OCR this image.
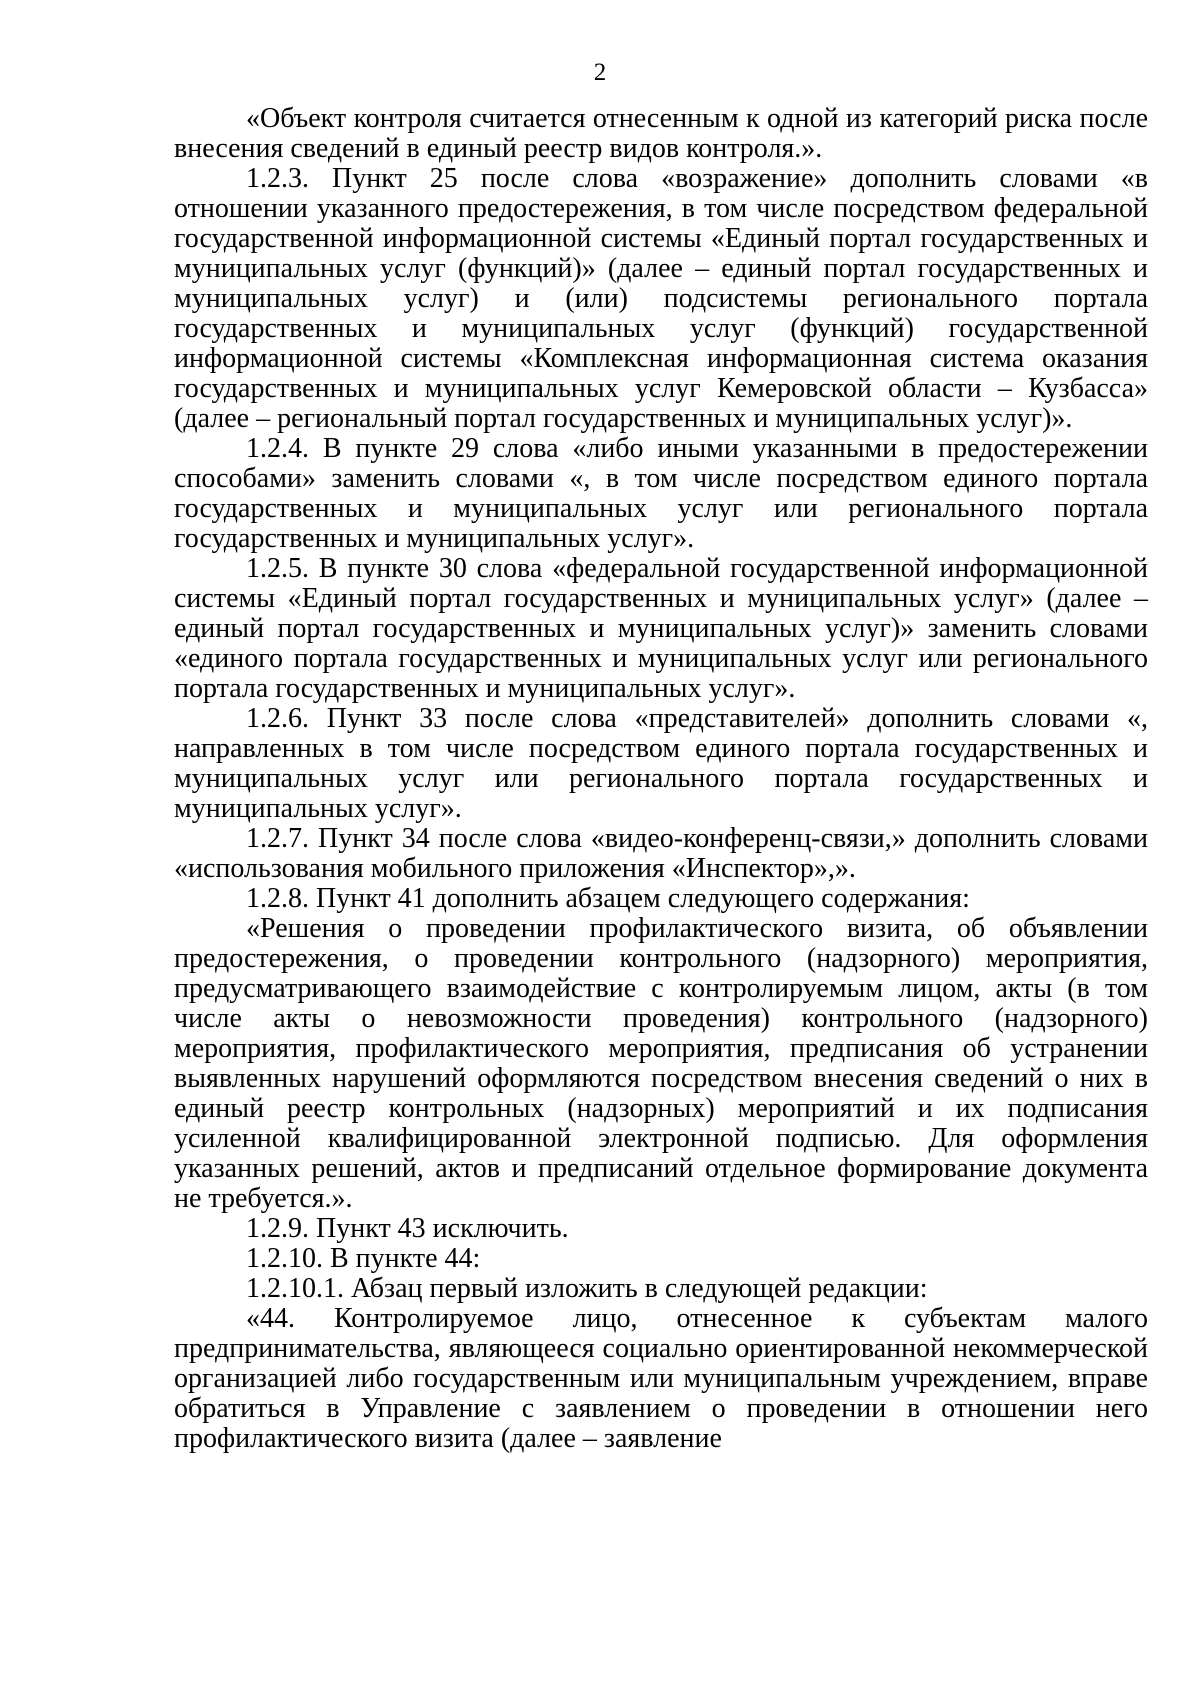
2

«Объект контроля считается отнесенным к одной из категорий риска после внесения сведений в единый реестр видов контроля.».

1.2.3. Пункт 25 после слова «возражение» дополнить словами «в отношении указанного предостережения, в том числе посредством федеральной государственной информационной системы «Единый портал государственных и муниципальных услуг (функций)» (далее – единый портал государственных и муниципальных услуг) и (или) подсистемы регионального портала государственных и муниципальных услуг (функций) государственной информационной системы «Комплексная информационная система оказания государственных и муниципальных услуг Кемеровской области – Кузбасса» (далее – региональный портал государственных и муниципальных услуг)».

1.2.4. В пункте 29 слова «либо иными указанными в предостережении способами» заменить словами «, в том числе посредством единого портала государственных и муниципальных услуг или регионального портала государственных и муниципальных услуг».

1.2.5. В пункте 30 слова «федеральной государственной информационной системы «Единый портал государственных и муниципальных услуг» (далее – единый портал государственных и муниципальных услуг)» заменить словами «единого портала государственных и муниципальных услуг или регионального портала государственных и муниципальных услуг».

1.2.6. Пункт 33 после слова «представителей» дополнить словами «, направленных в том числе посредством единого портала государственных и муниципальных услуг или регионального портала государственных и муниципальных услуг».

1.2.7. Пункт 34 после слова «видео-конференц-связи,» дополнить словами «использования мобильного приложения «Инспектор»,».

1.2.8. Пункт 41 дополнить абзацем следующего содержания:

«Решения о проведении профилактического визита, об объявлении предостережения, о проведении контрольного (надзорного) мероприятия, предусматривающего взаимодействие с контролируемым лицом, акты (в том числе акты о невозможности проведения) контрольного (надзорного) мероприятия, профилактического мероприятия, предписания об устранении выявленных нарушений оформляются посредством внесения сведений о них в единый реестр контрольных (надзорных) мероприятий и их подписания усиленной квалифицированной электронной подписью. Для оформления указанных решений, актов и предписаний отдельное формирование документа не требуется.».

1.2.9. Пункт 43 исключить.

1.2.10. В пункте 44:

1.2.10.1. Абзац первый изложить в следующей редакции:

«44. Контролируемое лицо, отнесенное к субъектам малого предпринимательства, являющееся социально ориентированной некоммерческой организацией либо государственным или муниципальным учреждением, вправе обратиться в Управление с заявлением о проведении в отношении него профилактического визита (далее – заявление
